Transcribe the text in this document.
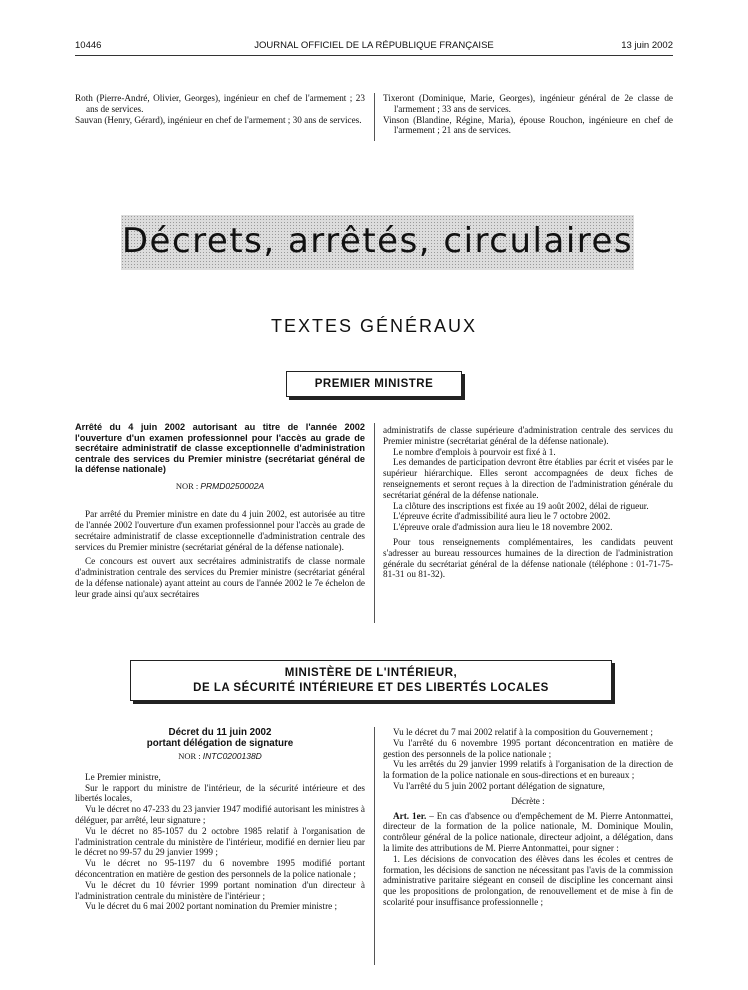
10446	JOURNAL OFFICIEL DE LA RÉPUBLIQUE FRANÇAISE	13 juin 2002

Roth (Pierre-André, Olivier, Georges), ingénieur en chef de l'armement ; 23 ans de services.

Sauvan (Henry, Gérard), ingénieur en chef de l'armement ; 30 ans de services.

Tixeront (Dominique, Marie, Georges), ingénieur général de 2e classe de l'armement ; 33 ans de services.

Vinson (Blandine, Régine, Maria), épouse Rouchon, ingénieure en chef de l'armement ; 21 ans de services.

Décrets, arrêtés, circulaires
TEXTES GÉNÉRAUX
PREMIER MINISTRE

Arrêté du 4 juin 2002 autorisant au titre de l'année 2002 l'ouverture d'un examen professionnel pour l'accès au grade de secrétaire administratif de classe exceptionnelle d'administration centrale des services du Premier ministre (secrétariat général de la défense nationale)

NOR : PRMD0250002A

Par arrêté du Premier ministre en date du 4 juin 2002, est autorisée au titre de l'année 2002 l'ouverture d'un examen professionnel pour l'accès au grade de secrétaire administratif de classe exceptionnelle d'administration centrale des services du Premier ministre (secrétariat général de la défense nationale).

Ce concours est ouvert aux secrétaires administratifs de classe normale d'administration centrale des services du Premier ministre (secrétariat général de la défense nationale) ayant atteint au cours de l'année 2002 le 7e échelon de leur grade ainsi qu'aux secrétaires

administratifs de classe supérieure d'administration centrale des services du Premier ministre (secrétariat général de la défense nationale).

Le nombre d'emplois à pourvoir est fixé à 1.

Les demandes de participation devront être établies par écrit et visées par le supérieur hiérarchique. Elles seront accompagnées de deux fiches de renseignements et seront reçues à la direction de l'administration générale du secrétariat général de la défense nationale.

La clôture des inscriptions est fixée au 19 août 2002, délai de rigueur.

L'épreuve écrite d'admissibilité aura lieu le 7 octobre 2002.

L'épreuve orale d'admission aura lieu le 18 novembre 2002.

Pour tous renseignements complémentaires, les candidats peuvent s'adresser au bureau ressources humaines de la direction de l'administration générale du secrétariat général de la défense nationale (téléphone : 01-71-75-81-31 ou 81-32).

MINISTÈRE DE L'INTÉRIEUR,
DE LA SÉCURITÉ INTÉRIEURE ET DES LIBERTÉS LOCALES

Décret du 11 juin 2002

portant délégation de signature

NOR : INTC0200138D

Le Premier ministre,

Sur le rapport du ministre de l'intérieur, de la sécurité intérieure et des libertés locales,

Vu le décret no 47-233 du 23 janvier 1947 modifié autorisant les ministres à déléguer, par arrêté, leur signature ;

Vu le décret no 85-1057 du 2 octobre 1985 relatif à l'organisation de l'administration centrale du ministère de l'intérieur, modifié en dernier lieu par le décret no 99-57 du 29 janvier 1999 ;

Vu le décret no 95-1197 du 6 novembre 1995 modifié portant déconcentration en matière de gestion des personnels de la police nationale ;

Vu le décret du 10 février 1999 portant nomination d'un directeur à l'administration centrale du ministère de l'intérieur ;

Vu le décret du 6 mai 2002 portant nomination du Premier ministre ;

Vu le décret du 7 mai 2002 relatif à la composition du Gouvernement ;

Vu l'arrêté du 6 novembre 1995 portant déconcentration en matière de gestion des personnels de la police nationale ;

Vu les arrêtés du 29 janvier 1999 relatifs à l'organisation de la direction de la formation de la police nationale en sous-directions et en bureaux ;

Vu l'arrêté du 5 juin 2002 portant délégation de signature,

Décrète :

Art. 1er. – En cas d'absence ou d'empêchement de M. Pierre Antonmattei, directeur de la formation de la police nationale, M. Dominique Moulin, contrôleur général de la police nationale, directeur adjoint, a délégation, dans la limite des attributions de M. Pierre Antonmattei, pour signer :

1. Les décisions de convocation des élèves dans les écoles et centres de formation, les décisions de sanction ne nécessitant pas l'avis de la commission administrative paritaire siégeant en conseil de discipline les concernant ainsi que les propositions de prolongation, de renouvellement et de mise à fin de scolarité pour insuffisance professionnelle ;
